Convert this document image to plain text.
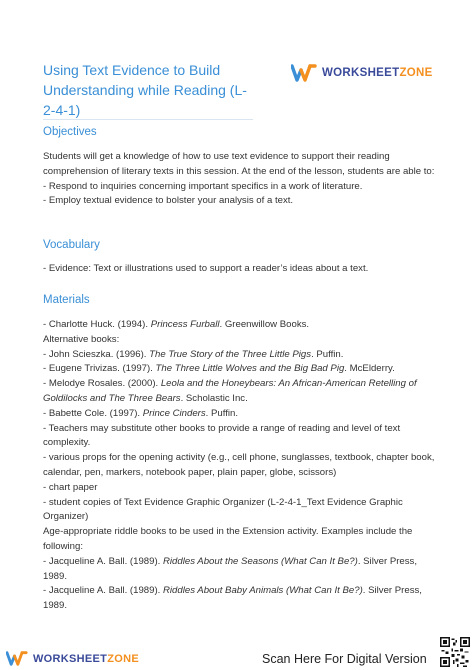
Using Text Evidence to Build Understanding while Reading (L-2-4-1)
WORKSHEETZONE
Objectives

Students will get a knowledge of how to use text evidence to support their reading comprehension of literary texts in this session. At the end of the lesson, students are able to:

- Respond to inquiries concerning important specifics in a work of literature.

- Employ textual evidence to bolster your analysis of a text.

Vocabulary

- Evidence: Text or illustrations used to support a reader’s ideas about a text.

Materials

- Charlotte Huck. (1994). Princess Furball. Greenwillow Books.

Alternative books:

- John Scieszka. (1996). The True Story of the Three Little Pigs. Puffin.

- Eugene Trivizas. (1997). The Three Little Wolves and the Big Bad Pig. McElderry.

- Melodye Rosales. (2000). Leola and the Honeybears: An African-American Retelling of Goldilocks and The Three Bears. Scholastic Inc.

- Babette Cole. (1997). Prince Cinders. Puffin.

- Teachers may substitute other books to provide a range of reading and level of text complexity.

- various props for the opening activity (e.g., cell phone, sunglasses, textbook, chapter book, calendar, pen, markers, notebook paper, plain paper, globe, scissors)

- chart paper

- student copies of Text Evidence Graphic Organizer (L-2-4-1_Text Evidence Graphic Organizer)

Age-appropriate riddle books to be used in the Extension activity. Examples include the following:

- Jacqueline A. Ball. (1989). Riddles About the Seasons (What Can It Be?). Silver Press, 1989.

- Jacqueline A. Ball. (1989). Riddles About Baby Animals (What Can It Be?). Silver Press, 1989.

WORKSHEETZONE	Scan Here For Digital Version
